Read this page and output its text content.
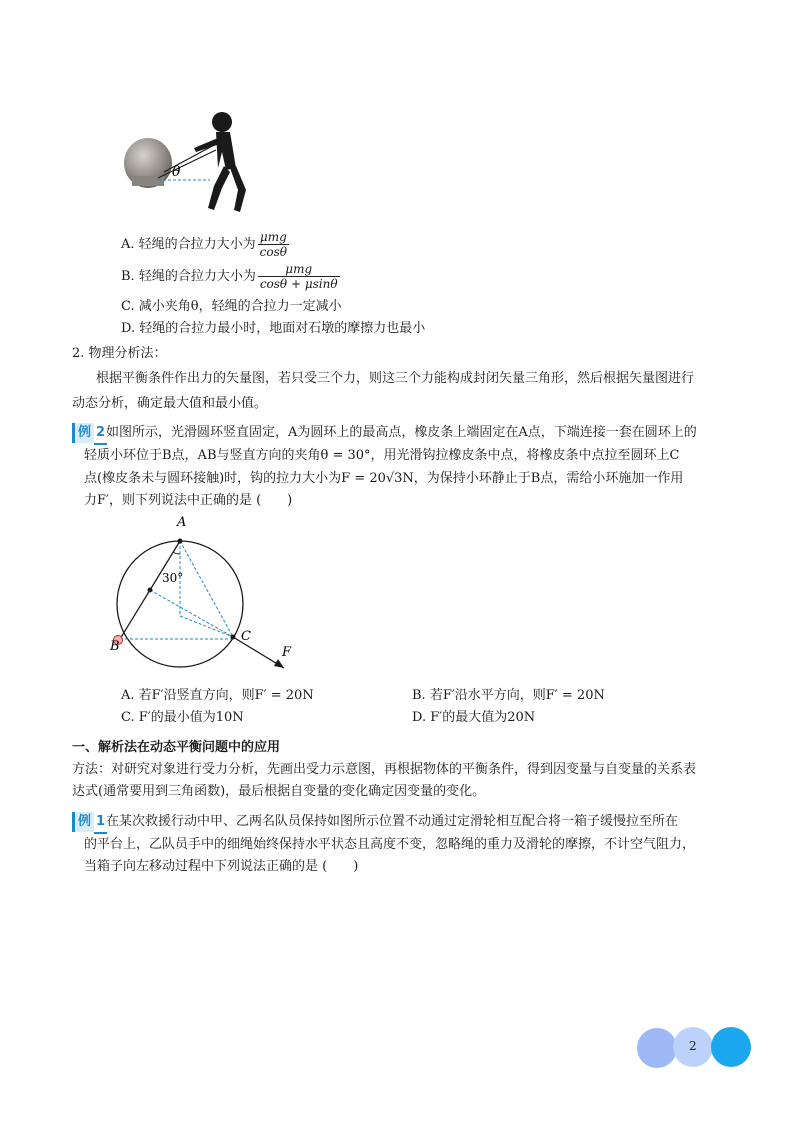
θ
A. 轻绳的合拉力大小为 $\frac{\text{μmg}}{\cos\theta}$
B. 轻绳的合拉力大小为 $\frac{\text{μmg}}{\cos\theta + \mu\sin\theta}$
C. 减小夹角θ，轻绳的合拉力一定减小
D. 轻绳的合拉力最小时，地面对石墩的摩擦力也最小
2. 物理分析法：
根据平衡条件作出力的矢量图，若只受三个力，则这三个力能构成封闭矢量三角形，然后根据矢量图进行
动态分析，确定最大值和最小值。
例 2 如图所示，光滑圆环竖直固定，A为圆环上的最高点，橡皮条上端固定在A点，下端连接一套在圆环上的
轻质小环位于B点，AB与竖直方向的夹角θ = 30°，用光滑钩拉橡皮条中点，将橡皮条中点拉至圆环上C
点(橡皮条未与圆环接触)时，钩的拉力大小为F = 20√3N，为保持小环静止于B点，需给小环施加一作用
力F′，则下列说法中正确的是 (　　)
A
B
C
F
30°
A. 若F′沿竖直方向，则F′ = 20N	B. 若F′沿水平方向，则F′ = 20N
C. F′的最小值为10N	D. F′的最大值为20N
一、解析法在动态平衡问题中的应用
方法：对研究对象进行受力分析，先画出受力示意图，再根据物体的平衡条件，得到因变量与自变量的关系表
达式(通常要用到三角函数)，最后根据自变量的变化确定因变量的变化。
例 1 在某次救援行动中甲、乙两名队员保持如图所示位置不动通过定滑轮相互配合将一箱子缓慢拉至所在
的平台上，乙队员手中的细绳始终保持水平状态且高度不变，忽略绳的重力及滑轮的摩擦，不计空气阻力，
当箱子向左移动过程中下列说法正确的是 (　　)
2
